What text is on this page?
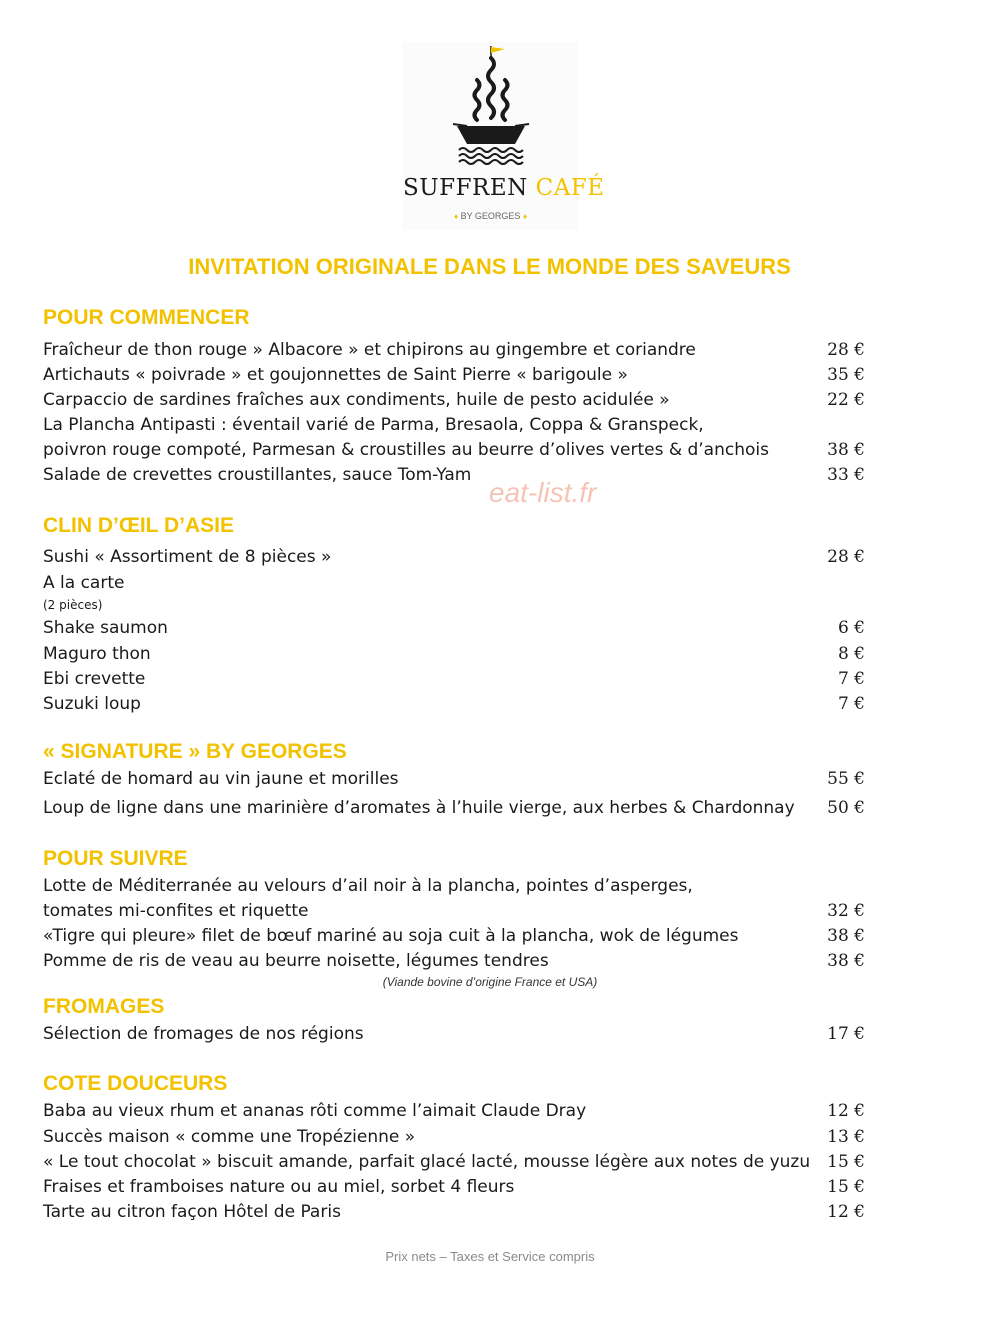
SUFFREN CAFÉ
♦ BY GEORGES ♦
INVITATION ORIGINALE DANS LE MONDE DES SAVEURS
POUR COMMENCER
Fraîcheur de thon rouge » Albacore » et chipirons au gingembre et coriandre	28 €
Artichauts « poivrade » et goujonnettes de Saint Pierre « barigoule »	35 €
Carpaccio de sardines fraîches aux condiments, huile de pesto acidulée »	22 €
La Plancha Antipasti : éventail varié de Parma, Bresaola, Coppa & Granspeck,
poivron rouge compoté, Parmesan & croustilles au beurre d’olives vertes & d’anchois	38 €
Salade de crevettes croustillantes, sauce Tom-Yam	33 €
eat-list.fr
CLIN D’ŒIL D’ASIE
Sushi « Assortiment de 8 pièces »	28 €
A la carte
(2 pièces)
Shake saumon	6 €
Maguro thon	8 €
Ebi crevette	7 €
Suzuki loup	7 €
« SIGNATURE » BY GEORGES
Eclaté de homard au vin jaune et morilles	55 €
Loup de ligne dans une marinière d’aromates à l’huile vierge, aux herbes & Chardonnay 50 €
POUR SUIVRE
Lotte de Méditerranée au velours d’ail noir à la plancha, pointes d’asperges,
tomates mi-confites et riquette	32 €
«Tigre qui pleure» filet de bœuf mariné au soja cuit à la plancha, wok de légumes	38 €
Pomme de ris de veau au beurre noisette, légumes tendres	38 €
(Viande bovine d’origine France et USA)
FROMAGES
Sélection de fromages de nos régions	17 €
COTE DOUCEURS
Baba au vieux rhum et ananas rôti comme l’aimait Claude Dray	12 €
Succès maison « comme une Tropézienne »	13 €
« Le tout chocolat » biscuit amande, parfait glacé lacté, mousse légère aux notes de yuzu 15 €
Fraises et framboises nature ou au miel, sorbet 4 fleurs	15 €
Tarte au citron façon Hôtel de Paris	12 €
Prix nets – Taxes et Service compris
